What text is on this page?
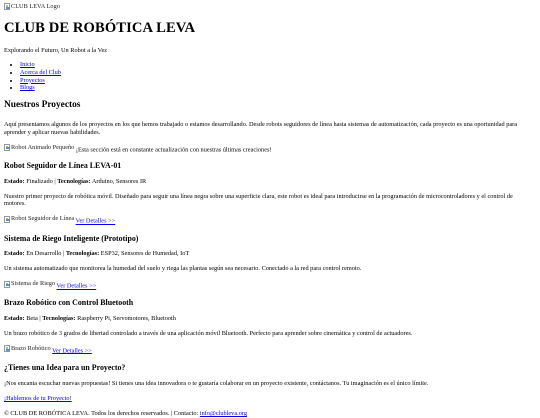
CLUB LEVA Logo
CLUB DE ROBÓTICA LEVA

Explorando el Futuro, Un Robot a la Vez

• Inicio
• Acerca del Club
• Proyectos
• Blogs
Nuestros Proyectos

Aquí presentamos algunos de los proyectos en los que hemos trabajado o estamos desarrollando. Desde robots seguidores de línea hasta sistemas de automatización, cada proyecto es una oportunidad para aprender y aplicar nuevas habilidades.

Robot Animado Pequeño ¡Esta sección está en constante actualización con nuestras últimas creaciones!

Robot Seguidor de Línea LEVA-01

Estado: Finalizado | Tecnologías: Arduino, Sensores IR

Nuestro primer proyecto de robótica móvil. Diseñado para seguir una línea negra sobre una superficie clara, este robot es ideal para introducirse en la programación de microcontroladores y el control de motores.

Robot Seguidor de Línea Ver Detalles >>
Sistema de Riego Inteligente (Prototipo)

Estado: En Desarrollo | Tecnologías: ESP32, Sensores de Humedad, IoT

Un sistema automatizado que monitorea la humedad del suelo y riega las plantas según sea necesario. Conectado a la red para control remoto.

Sistema de Riego Ver Detalles >>
Brazo Robótico con Control Bluetooth

Estado: Beta | Tecnologías: Raspberry Pi, Servomotores, Bluetooth

Un brazo robótico de 3 grados de libertad controlado a través de una aplicación móvil Bluetooth. Perfecto para aprender sobre cinemática y control de actuadores.

Brazo Robótico Ver Detalles >>
¿Tienes una Idea para un Proyecto?

¡Nos encanta escuchar nuevas propuestas! Si tienes una idea innovadora o te gustaría colaborar en un proyecto existente, contáctanos. Tu imaginación es el único límite.

¡Hablemos de tu Proyecto!

© CLUB DE ROBÓTICA LEVA. Todos los derechos reservados. | Contacto: info@clubleva.org
